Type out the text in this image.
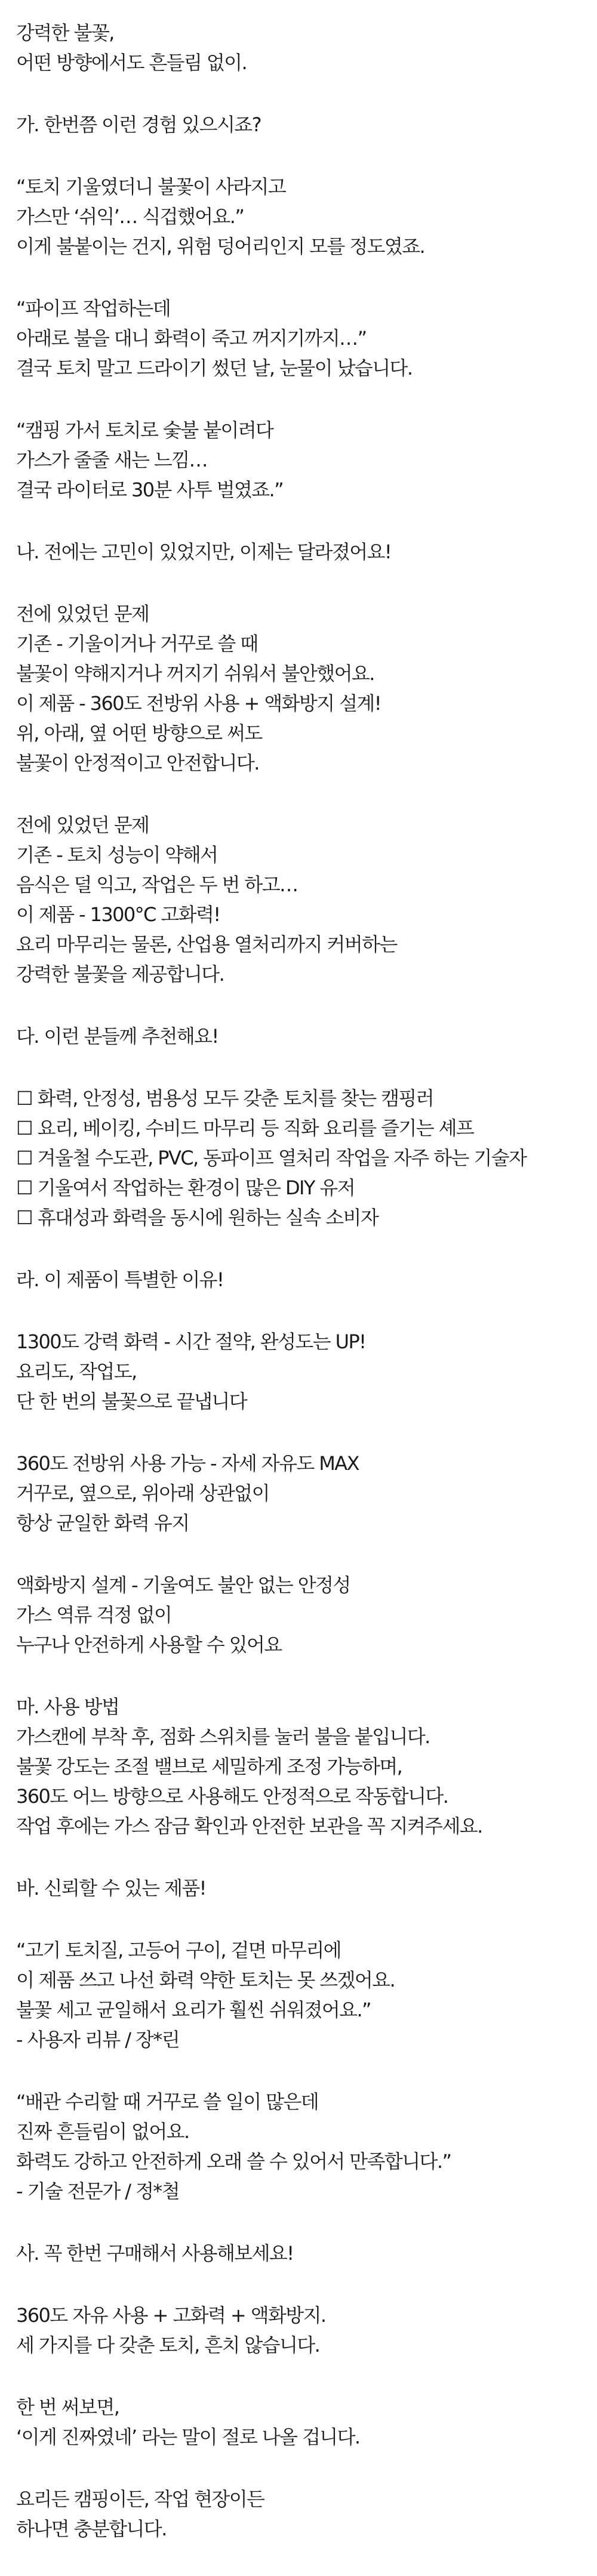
강력한 불꽃,
어떤 방향에서도 흔들림 없이.
가. 한번쯤 이런 경험 있으시죠?
“토치 기울였더니 불꽃이 사라지고
가스만 ‘쉬익’… 식겁했어요.”
이게 불붙이는 건지, 위험 덩어리인지 모를 정도였죠.
“파이프 작업하는데
아래로 불을 대니 화력이 죽고 꺼지기까지…”
결국 토치 말고 드라이기 썼던 날, 눈물이 났습니다.
“캠핑 가서 토치로 숯불 붙이려다
가스가 줄줄 새는 느낌…
결국 라이터로 30분 사투 벌였죠.”
나. 전에는 고민이 있었지만, 이제는 달라졌어요!
전에 있었던 문제
기존 - 기울이거나 거꾸로 쓸 때
불꽃이 약해지거나 꺼지기 쉬워서 불안했어요.
이 제품 - 360도 전방위 사용 + 액화방지 설계!
위, 아래, 옆 어떤 방향으로 써도
불꽃이 안정적이고 안전합니다.
전에 있었던 문제
기존 - 토치 성능이 약해서
음식은 덜 익고, 작업은 두 번 하고…
이 제품 - 1300°C 고화력!
요리 마무리는 물론, 산업용 열처리까지 커버하는
강력한 불꽃을 제공합니다.
다. 이런 분들께 추천해요!
☐ 화력, 안정성, 범용성 모두 갖춘 토치를 찾는 캠핑러
☐ 요리, 베이킹, 수비드 마무리 등 직화 요리를 즐기는 셰프
☐ 겨울철 수도관, PVC, 동파이프 열처리 작업을 자주 하는 기술자
☐ 기울여서 작업하는 환경이 많은 DIY 유저
☐ 휴대성과 화력을 동시에 원하는 실속 소비자
라. 이 제품이 특별한 이유!
1300도 강력 화력 - 시간 절약, 완성도는 UP!
요리도, 작업도,
단 한 번의 불꽃으로 끝냅니다
360도 전방위 사용 가능 - 자세 자유도 MAX
거꾸로, 옆으로, 위아래 상관없이
항상 균일한 화력 유지
액화방지 설계 - 기울여도 불안 없는 안정성
가스 역류 걱정 없이
누구나 안전하게 사용할 수 있어요
마. 사용 방법
가스캔에 부착 후, 점화 스위치를 눌러 불을 붙입니다.
불꽃 강도는 조절 밸브로 세밀하게 조정 가능하며,
360도 어느 방향으로 사용해도 안정적으로 작동합니다.
작업 후에는 가스 잠금 확인과 안전한 보관을 꼭 지켜주세요.
바. 신뢰할 수 있는 제품!
“고기 토치질, 고등어 구이, 겉면 마무리에
이 제품 쓰고 나선 화력 약한 토치는 못 쓰겠어요.
불꽃 세고 균일해서 요리가 훨씬 쉬워졌어요.”
- 사용자 리뷰 / 장*린
“배관 수리할 때 거꾸로 쓸 일이 많은데
진짜 흔들림이 없어요.
화력도 강하고 안전하게 오래 쓸 수 있어서 만족합니다.”
- 기술 전문가 / 정*철
사. 꼭 한번 구매해서 사용해보세요!
360도 자유 사용 + 고화력 + 액화방지.
세 가지를 다 갖춘 토치, 흔치 않습니다.
한 번 써보면,
‘이게 진짜였네’ 라는 말이 절로 나올 겁니다.
요리든 캠핑이든, 작업 현장이든
하나면 충분합니다.
